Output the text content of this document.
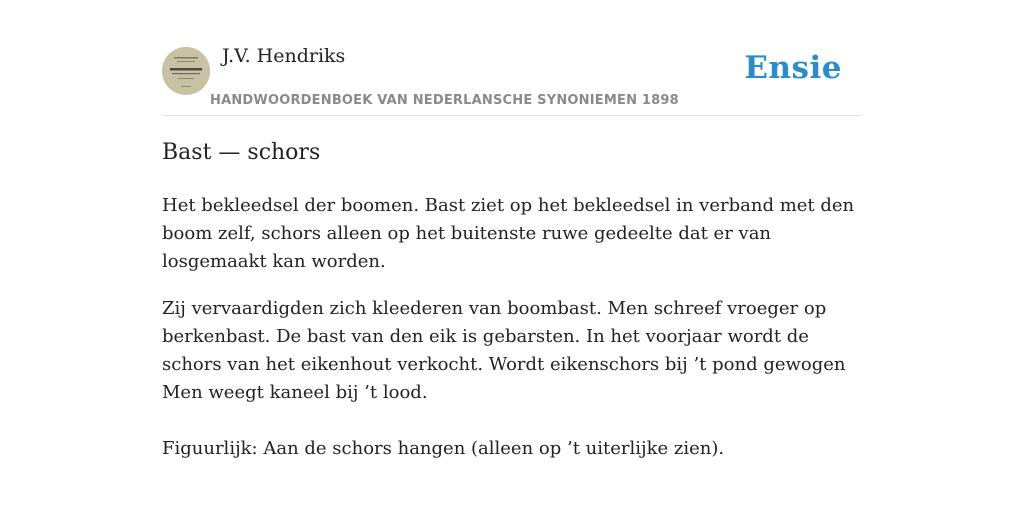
J.V. Hendriks
HANDWOORDENBOEK VAN NEDERLANSCHE SYNONIEMEN 1898
Ensie
Bast — schors

Het bekleedsel der boomen. Bast ziet op het bekleedsel in verband met den boom zelf, schors alleen op het buitenste ruwe gedeelte dat er van losgemaakt kan worden.

Zij vervaardigden zich kleederen van boombast. Men schreef vroeger op berkenbast. De bast van den eik is gebarsten. In het voorjaar wordt de schors van het eikenhout verkocht. Wordt eikenschors bij ’t pond gewogen Men weegt kaneel bij ’t lood.

Figuurlijk: Aan de schors hangen (alleen op ’t uiterlijke zien).
